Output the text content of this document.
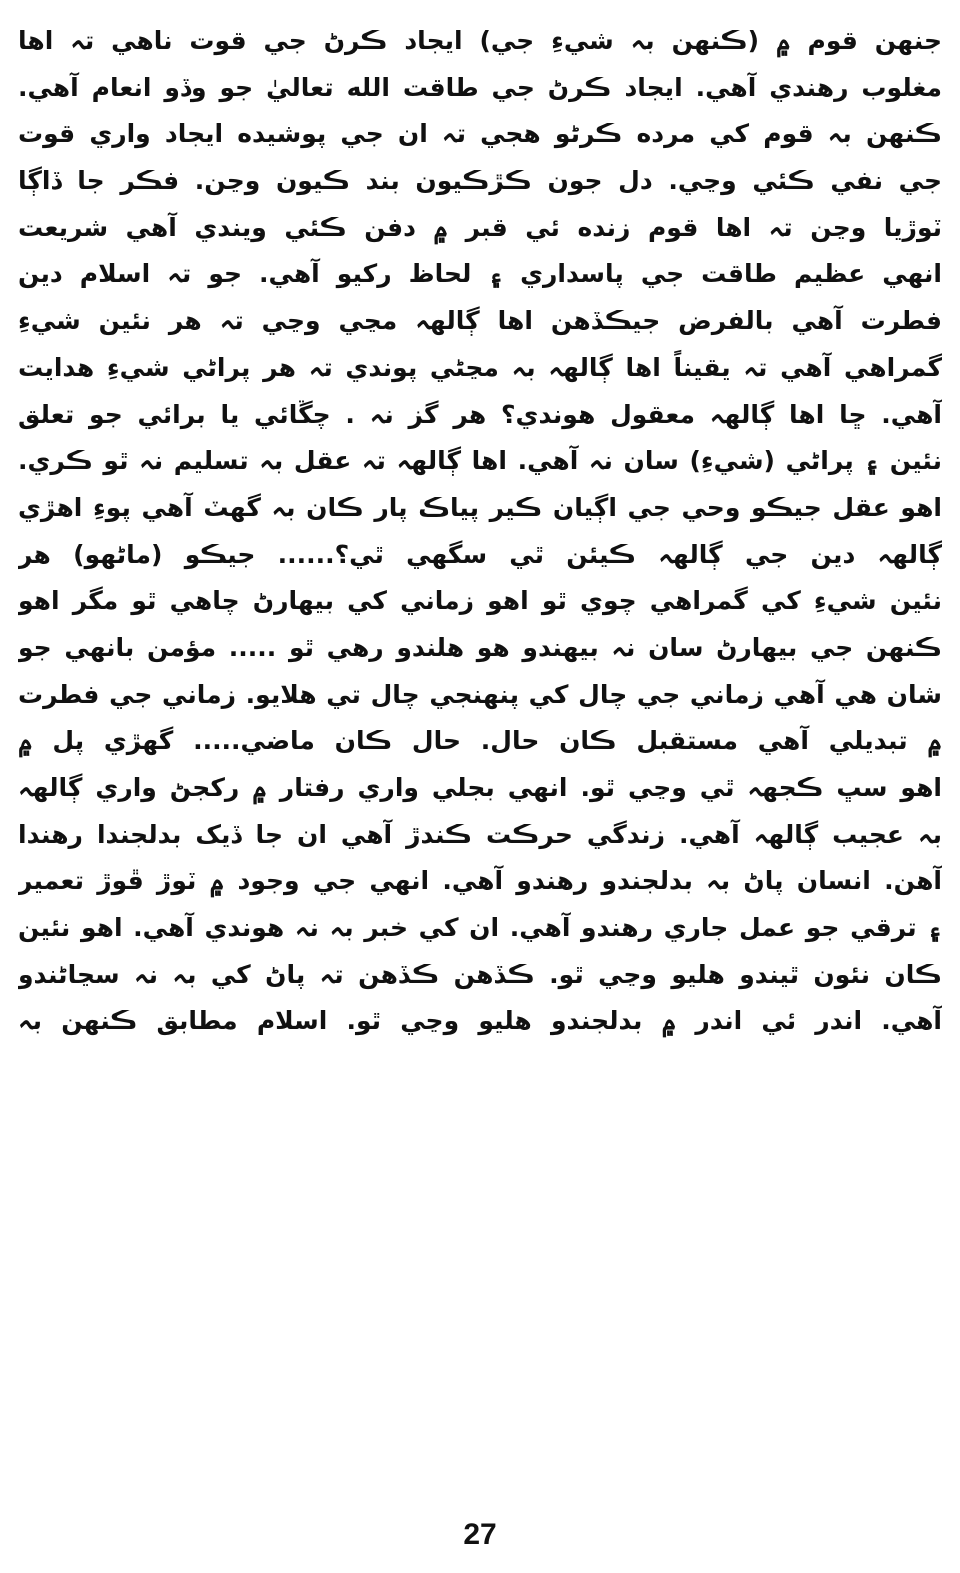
جنهن قوم ۾ (ڪنهن بہ شيءِ جي) ايجاد ڪرڻ جي قوت ناهي تہ اها
مغلوب رهندي آهي. ايجاد ڪرڻ جي طاقت الله تعاليٰ جو وڏو انعام آهي.
ڪنهن بہ قوم کي مرده ڪرڻو هجي تہ ان جي پوشيده ايجاد واري قوت
جي نفي ڪئي وڃي. دل جون ڪڙڪيون بند ڪيون وڃن. فڪر جا ڏاڳا
ٽوڙيا وڃن تہ اها قوم زنده ئي قبر ۾ دفن ڪئي ويندي آهي شريعت
انهي عظيم طاقت جي پاسداري ۽ لحاظ رکيو آهي. جو تہ اسلام دين
فطرت آهي بالفرض جيڪڏهن اها ڳالهہ مڃي وڃي تہ هر نئين شيءِ
گمراهي آهي تہ يقيناً اها ڳالهہ بہ مڃڻي پوندي تہ هر پراڻي شيءِ هدايت
آهي. ڇا اها ڳالهہ معقول هوندي؟ هر گز نہ . چڱائي يا برائي جو تعلق
نئين ۽ پراڻي (شيءِ) سان نہ آهي. اها ڳالهہ تہ عقل بہ تسليم نہ ٿو ڪري.
اهو عقل جيڪو وحي جي اڳيان ڪير پياڪ پار ڪان بہ گهٽ آهي پوءِ اهڙي
ڳالهہ دين جي ڳالهہ ڪيئن ٿي سگهي ٿي؟...... جيڪو (ماڻهو) هر
نئين شيءِ کي گمراهي چوي ٿو اهو زماني کي بيهارڻ چاهي ٿو مگر اهو
ڪنهن جي بيهارڻ سان نہ بيهندو هو هلندو رهي ٿو ..... مؤمن بانهي جو
شان هي آهي زماني جي چال کي پنهنجي چال تي هلايو. زماني جي فطرت
۾ تبديلي آهي مستقبل ڪان حال. حال ڪان ماضي..... گهڙي پل ۾
اهو سڀ ڪجهہ ٿي وڃي ٿو. انهي بجلي واري رفتار ۾ رکجڻ واري ڳالهہ
بہ عجيب ڳالهہ آهي. زندگي حرڪت ڪندڙ آهي ان جا ڏيک بدلجندا رهندا
آهن. انسان پاڻ بہ بدلجندو رهندو آهي. انهي جي وجود ۾ ٽوڙ ڦوڙ تعمير
۽ ترقي جو عمل جاري رهندو آهي. ان کي خبر بہ نہ هوندي آهي. اهو نئين
ڪان نئون ٿيندو هليو وڃي ٿو. ڪڏهن ڪڏهن تہ پاڻ کي بہ نہ سڃاڻندو
آهي. اندر ئي اندر ۾ بدلجندو هليو وڃي ٿو. اسلام مطابق ڪنهن بہ
27
